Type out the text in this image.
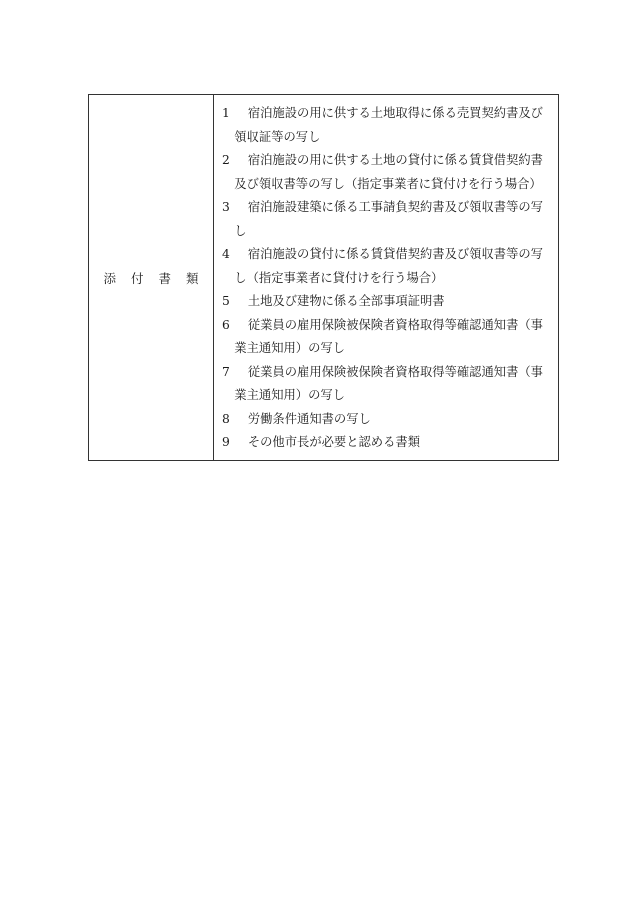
添付書類	
1 宿泊施設の用に供する土地取得に係る売買契約書及び領収証等の写し
2 宿泊施設の用に供する土地の貸付に係る賃貸借契約書及び領収書等の写し（指定事業者に貸付けを行う場合）
3 宿泊施設建築に係る工事請負契約書及び領収書等の写し
4 宿泊施設の貸付に係る賃貸借契約書及び領収書等の写し（指定事業者に貸付けを行う場合）
5 土地及び建物に係る全部事項証明書
6 従業員の雇用保険被保険者資格取得等確認通知書（事業主通知用）の写し
7 従業員の雇用保険被保険者資格取得等確認通知書（事業主通知用）の写し
8 労働条件通知書の写し
9 その他市長が必要と認める書類
